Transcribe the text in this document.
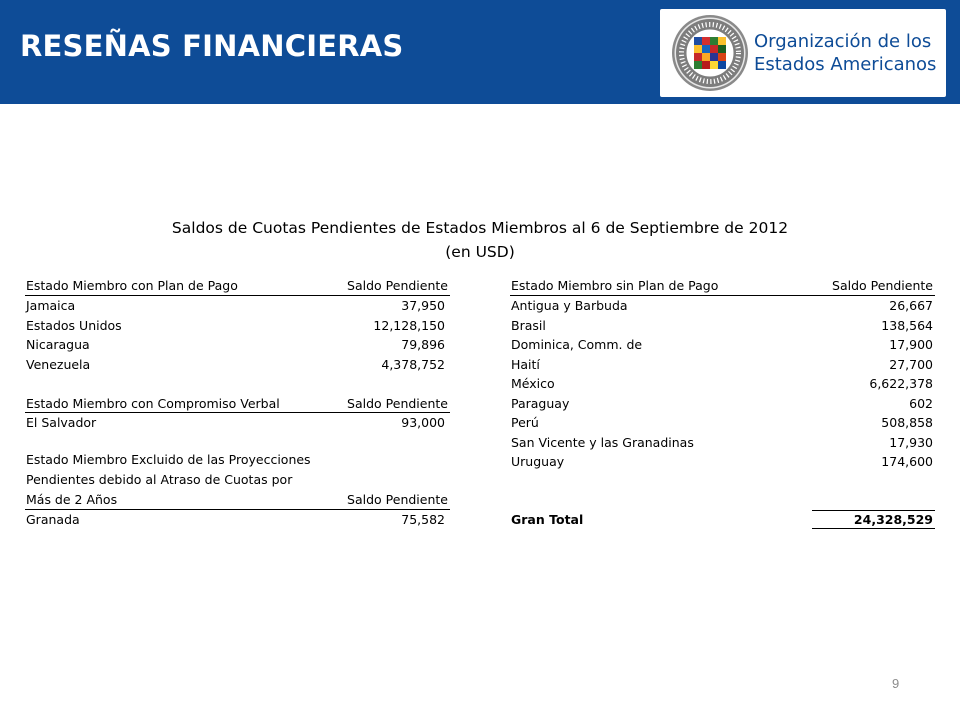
RESEÑAS FINANCIERAS	Organización de los
Estados Americanos
Saldos de Cuotas Pendientes de Estados Miembros al 6 de Septiembre de 2012
(en USD)
Estado Miembro con Plan de Pago	Saldo Pendiente
Jamaica	37,950
Estados Unidos	12,128,150
Nicaragua	79,896
Venezuela	4,378,752
Estado Miembro con Compromiso Verbal	Saldo Pendiente
El Salvador	93,000
Estado Miembro Excluido de las Proyecciones
Pendientes debido al Atraso de Cuotas por
Más de 2 Años	Saldo Pendiente
Granada	75,582
Estado Miembro sin Plan de Pago	Saldo Pendiente
Antigua y Barbuda	26,667
Brasil	138,564
Dominica, Comm. de	17,900
Haití	27,700
México	6,622,378
Paraguay	602
Perú	508,858
San Vicente y las Granadinas	17,930
Uruguay	174,600
Gran Total	24,328,529
9
